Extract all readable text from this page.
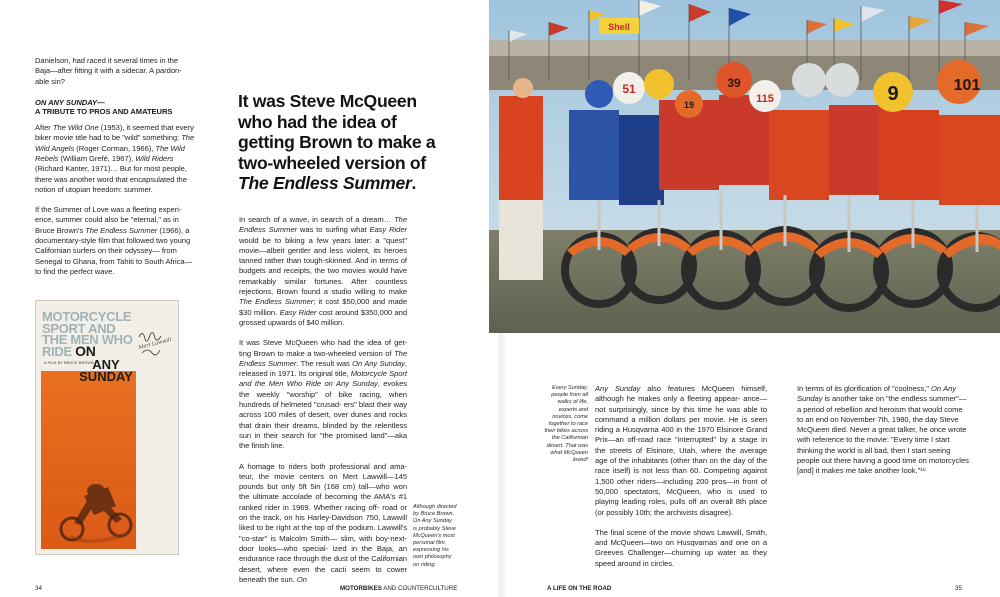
Danielson, had raced it several times in the
Baja—after fitting it with a sidecar. A pardon-
able sin?

ON ANY SUNDAY—
A TRIBUTE TO PROS AND AMATEURS

After The Wild One (1953), it seemed that every biker movie title had to be "wild" something: The Wild Angels (Roger Corman, 1966), The Wild Rebels (William Grefé, 1967), Wild Riders (Richard Kanter, 1971)… But for most people, there was another word that encapsulated the notion of utopian freedom: summer.

If the Summer of Love was a fleeting experi- ence, summer could also be "eternal," as in Bruce Brown's The Endless Summer (1966), a documentary-style film that followed two young Californian surfers on their odyssey— from Senegal to Ghana, from Tahiti to South Africa—to find the perfect wave.

MOTORCYCLE
SPORT AND
THE MEN WHO
RIDE ON
ANY
SUNDAY
A FILM BY BRUCE BROWN
Mert Lawwill
It was Steve McQueen
who had the idea of
getting Brown to make a
two-wheeled version of
The Endless Summer.

In search of a wave, in search of a dream… The Endless Summer was to surfing what Easy Rider would be to biking a few years later: a "quest" movie—albeit gentler and less violent, its heroes tanned rather than tough-skinned. And in terms of budgets and receipts, the two movies would have remarkably similar fortunes. After countless rejections, Brown found a studio willing to make The Endless Summer; it cost $50,000 and made $30 million. Easy Rider cost around $350,000 and grossed upwards of $40 million.

It was Steve McQueen who had the idea of get- ting Brown to make a two-wheeled version of The Endless Summer. The result was On Any Sunday, released in 1971. Its original title, Motorcycle Sport and the Men Who Ride on Any Sunday, evokes the weekly "worship" of bike racing, when hundreds of helmeted "crusad- ers" blast their way across 100 miles of desert, over dunes and rocks that drain their dreams, blinded by the relentless sun in their search for "the promised land"—aka the finish line.

A homage to riders both professional and ama- teur, the movie centers on Mert Lawwill—145 pounds but only 5ft 5in (168 cm) tall—who won the ultimate accolade of becoming the AMA's #1 ranked rider in 1969. Whether racing off- road or on the track, on his Harley-Davidson 750, Lawwill liked to be right at the top of the podium. Lawwill's "co-star" is Malcolm Smith— slim, with boy-next-door looks—who special- ized in the Baja, an endurance race through the dust of the Californian desert, where even the cacti seem to cower beneath the sun. On

Although directed
by Bruce Brown,
On Any Sunday
is probably Steve
McQueen's most
personal film,
expressing his
own philosophy
on riding.

34	MOTORBIKES AND COUNTERCULTURE
Shell
51	39
115	9	101
19
Every Sunday,
people from all
walks of life,
experts and
novices, come
together to race
their bikes across
the Californian
desert. That was
what McQueen
loved!

Any Sunday also features McQueen himself, although he makes only a fleeting appear- ance—not surprisingly, since by this time he was able to command a million dollars per movie. He is seen riding a Husqvarna 400 in the 1970 Elsinore Grand Prix—an off-road race "interrupted" by a stage in the streets of Elsinore, Utah, where the average age of the inhabitants (other than on the day of the race itself) is not less than 60. Competing against 1,500 other riders—including 200 pros—in front of 50,000 spectators, McQueen, who is used to playing leading roles, pulls off an overall 8th place (or possibly 10th; the archivists disagree).

The final scene of the movie shows Lawwill, Smith, and McQueen—two on Husqvarnas and one on a Greeves Challenger—churning up water as they speed around in circles.

In terms of its glorification of "coolness," On Any Sunday is another take on "the endless summer"—a period of rebellion and heroism that would come to an end on November 7th, 1980, the day Steve McQueen died. Never a great talker, he once wrote with reference to the movie: "Every time I start thinking the world is all bad, then I start seeing people out there having a good time on motorcycles [and] it makes me take another look."¹⁶

A LIFE ON THE ROAD	35
